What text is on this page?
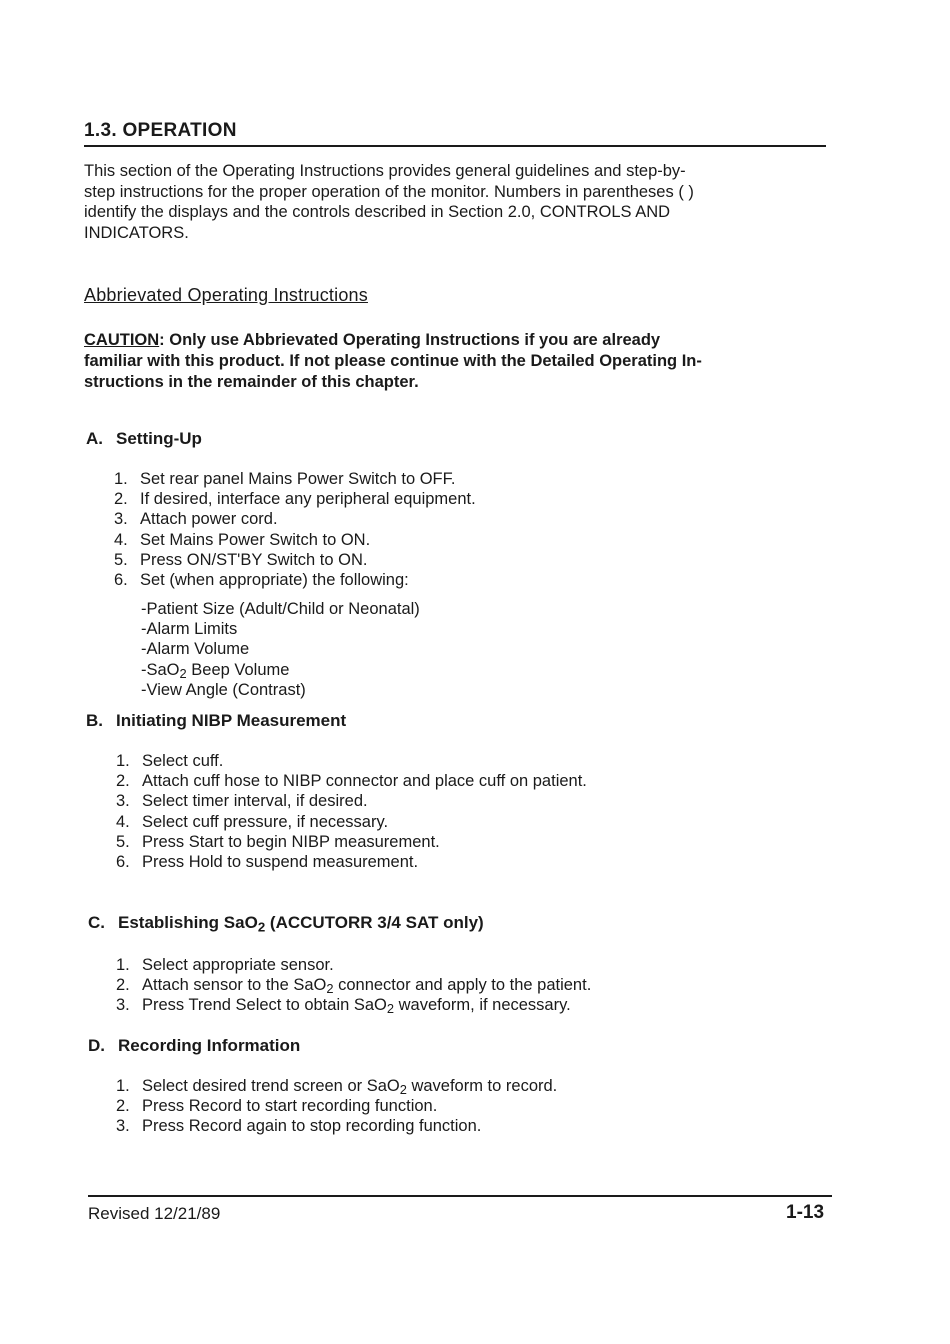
1.3. OPERATION
This section of the Operating Instructions provides general guidelines and step-by-
step instructions for the proper operation of the monitor. Numbers in parentheses ( )
identify the displays and the controls described in Section 2.0, CONTROLS AND
INDICATORS.
Abbrievated Operating Instructions
CAUTION: Only use Abbrievated Operating Instructions if you are already
familiar with this product. If not please continue with the Detailed Operating In-
structions in the remainder of this chapter.
A. Setting-Up
1. Set rear panel Mains Power Switch to OFF.
2. If desired, interface any peripheral equipment.
3. Attach power cord.
4. Set Mains Power Switch to ON.
5. Press ON/ST'BY Switch to ON.
6. Set (when appropriate) the following:
-Patient Size (Adult/Child or Neonatal)
-Alarm Limits
-Alarm Volume
-SaO$_2$ Beep Volume
-View Angle (Contrast)
B. Initiating NIBP Measurement
1. Select cuff.
2. Attach cuff hose to NIBP connector and place cuff on patient.
3. Select timer interval, if desired.
4. Select cuff pressure, if necessary.
5. Press Start to begin NIBP measurement.
6. Press Hold to suspend measurement.
C. Establishing SaO$_2$ (ACCUTORR 3/4 SAT only)
1. Select appropriate sensor.
2. Attach sensor to the SaO$_2$ connector and apply to the patient.
3. Press Trend Select to obtain SaO$_2$ waveform, if necessary.
D. Recording Information
1. Select desired trend screen or SaO$_2$ waveform to record.
2. Press Record to start recording function.
3. Press Record again to stop recording function.
Revised 12/21/89	1-13
